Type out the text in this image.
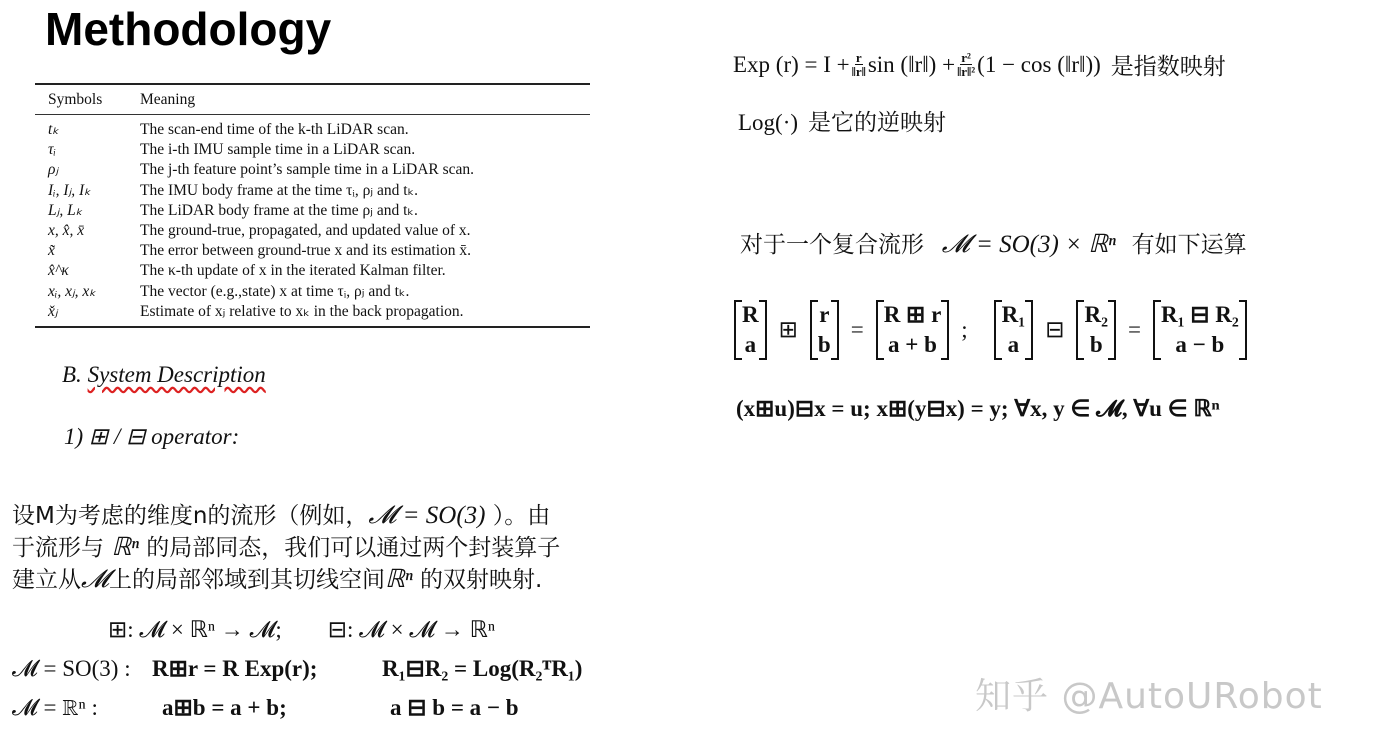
Methodology
Symbols	Meaning
tₖ	The scan-end time of the k-th LiDAR scan.
τᵢ	The i-th IMU sample time in a LiDAR scan.
ρⱼ	The j-th feature point’s sample time in a LiDAR scan.
Iᵢ, Iⱼ, Iₖ	The IMU body frame at the time τᵢ, ρⱼ and tₖ.
Lⱼ, Lₖ	The LiDAR body frame at the time ρⱼ and tₖ.
x, x̂, x̄	The ground-true, propagated, and updated value of x.
x̃	The error between ground-true x and its estimation x̄.
x̂^κ	The κ-th update of x in the iterated Kalman filter.
xᵢ, xⱼ, xₖ	The vector (e.g.,state) x at time τᵢ, ρⱼ and tₖ.
x̌ⱼ	Estimate of xⱼ relative to xₖ in the back propagation.
B. System Description
1) ⊞ / ⊟ operator:
设M为考虑的维度n的流形（例如，𝓜 = SO(3) ）。由
于流形与 ℝⁿ 的局部同态，我们可以通过两个封装算子
建立从𝓜上的局部邻域到其切线空间ℝⁿ 的双射映射.
⊞: 𝓜 × ℝⁿ → 𝓜;        ⊟: 𝓜 × 𝓜 → ℝⁿ
𝓜 = SO(3) : R⊞r = R Exp(r);	R₁⊟R₂ = Log(R₂ᵀR₁)
𝓜 = ℝⁿ :	a⊞b = a + b;	a ⊟ b = a − b
Exp $(r) = I + \frac{r}{‖r‖}$ sin (‖r‖) + $\frac{\text{r²}}{\text{‖r‖²}} (1 - \cos$ (‖r‖)) 是指数映射
Log(·) 是它的逆映射
对于一个复合流形 𝓜 = SO(3) × ℝⁿ 有如下运算
R
a
⊞
r
b
=
R ⊞ r
a + b
;
R₁
a
⊟
R₂
b
=
R₁ ⊟ R₂
a − b
(x⊞u)⊟x = u; x⊞(y⊟x) = y; ∀x, y ∈ 𝓜, ∀u ∈ ℝⁿ
知乎 @AutoURobot
